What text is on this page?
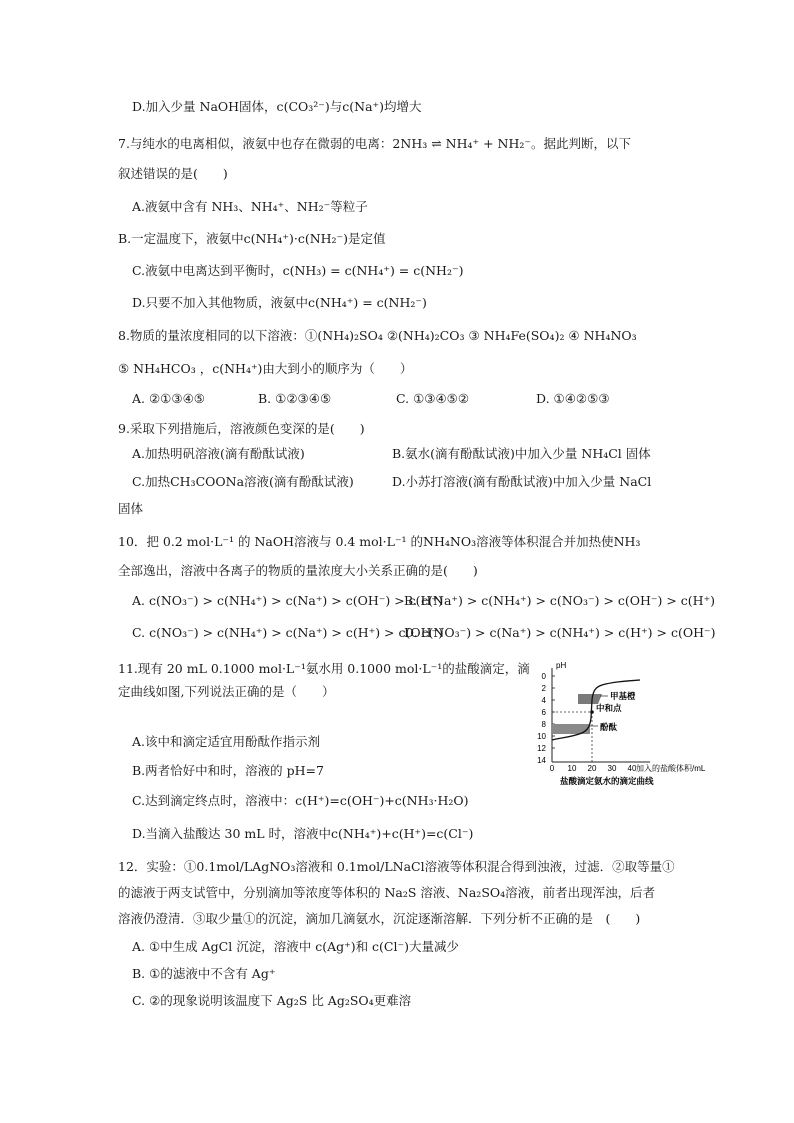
D.加入少量 NaOH固体，c(CO₃²⁻)与c(Na⁺)均增大
7.与纯水的电离相似，液氨中也存在微弱的电离：2NH₃ ⇌ NH₄⁺ + NH₂⁻。据此判断，以下
叙述错误的是(　　)
A.液氨中含有 NH₃、NH₄⁺、NH₂⁻等粒子
B.一定温度下，液氨中c(NH₄⁺)·c(NH₂⁻)是定值
C.液氨中电离达到平衡时，c(NH₃) = c(NH₄⁺) = c(NH₂⁻)
D.只要不加入其他物质，液氨中c(NH₄⁺) = c(NH₂⁻)
8.物质的量浓度相同的以下溶液：①(NH₄)₂SO₄ ②(NH₄)₂CO₃ ③ NH₄Fe(SO₄)₂ ④ NH₄NO₃
⑤ NH₄HCO₃ ，c(NH₄⁺)由大到小的顺序为（　　）
9.采取下列措施后，溶液颜色变深的是(　　)
固体
10．把 0.2 mol·L⁻¹ 的 NaOH溶液与 0.4 mol·L⁻¹ 的NH₄NO₃溶液等体积混合并加热使NH₃
全部逸出，溶液中各离子的物质的量浓度大小关系正确的是(　　)
11.现有 20 mL 0.1000 mol·L⁻¹氨水用 0.1000 mol·L⁻¹的盐酸滴定，滴
定曲线如图,下列说法正确的是（　　）
A.该中和滴定适宜用酚酞作指示剂
B.两者恰好中和时，溶液的 pH=7
C.达到滴定终点时，溶液中：c(H⁺)=c(OH⁻)+c(NH₃·H₂O)
D.当滴入盐酸达 30 mL 时，溶液中c(NH₄⁺)+c(H⁺)=c(Cl⁻)
12．实验：①0.1mol/LAgNO₃溶液和 0.1mol/LNaCl溶液等体积混合得到浊液，过滤．②取等量①
的滤液于两支试管中，分别滴加等浓度等体积的 Na₂S 溶液、Na₂SO₄溶液，前者出现浑浊，后者
溶液仍澄清．③取少量①的沉淀，滴加几滴氨水，沉淀逐渐溶解．下列分析不正确的是　(　　)
A. ①中生成 AgCl 沉淀，溶液中 c(Ag⁺)和 c(Cl⁻)大量减少
B. ①的滤液中不含有 Ag⁺
C. ②的现象说明该温度下 Ag₂S 比 Ag₂SO₄更难溶
A. ②①③④⑤	B. ①②③④⑤	C. ①③④⑤②	D. ①④②⑤③
A.加热明矾溶液(滴有酚酞试液)	B.氨水(滴有酚酞试液)中加入少量 NH₄Cl 固体
C.加热CH₃COONa溶液(滴有酚酞试液)	D.小苏打溶液(滴有酚酞试液)中加入少量 NaCl
A. c(NO₃⁻) > c(NH₄⁺) > c(Na⁺) > c(OH⁻) > c(H⁺)
B. c(Na⁺) > c(NH₄⁺) > c(NO₃⁻) > c(OH⁻) > c(H⁺)
C. c(NO₃⁻) > c(NH₄⁺) > c(Na⁺) > c(H⁺) > c(OH⁻)
D. c(NO₃⁻) > c(Na⁺) > c(NH₄⁺) > c(H⁺) > c(OH⁻)
pH
0
2
4
6
8
10
12
14
0 10 20 30 40 加入的盐酸体积/mL
甲基橙
中和点
酚酞
盐酸滴定氨水的滴定曲线
